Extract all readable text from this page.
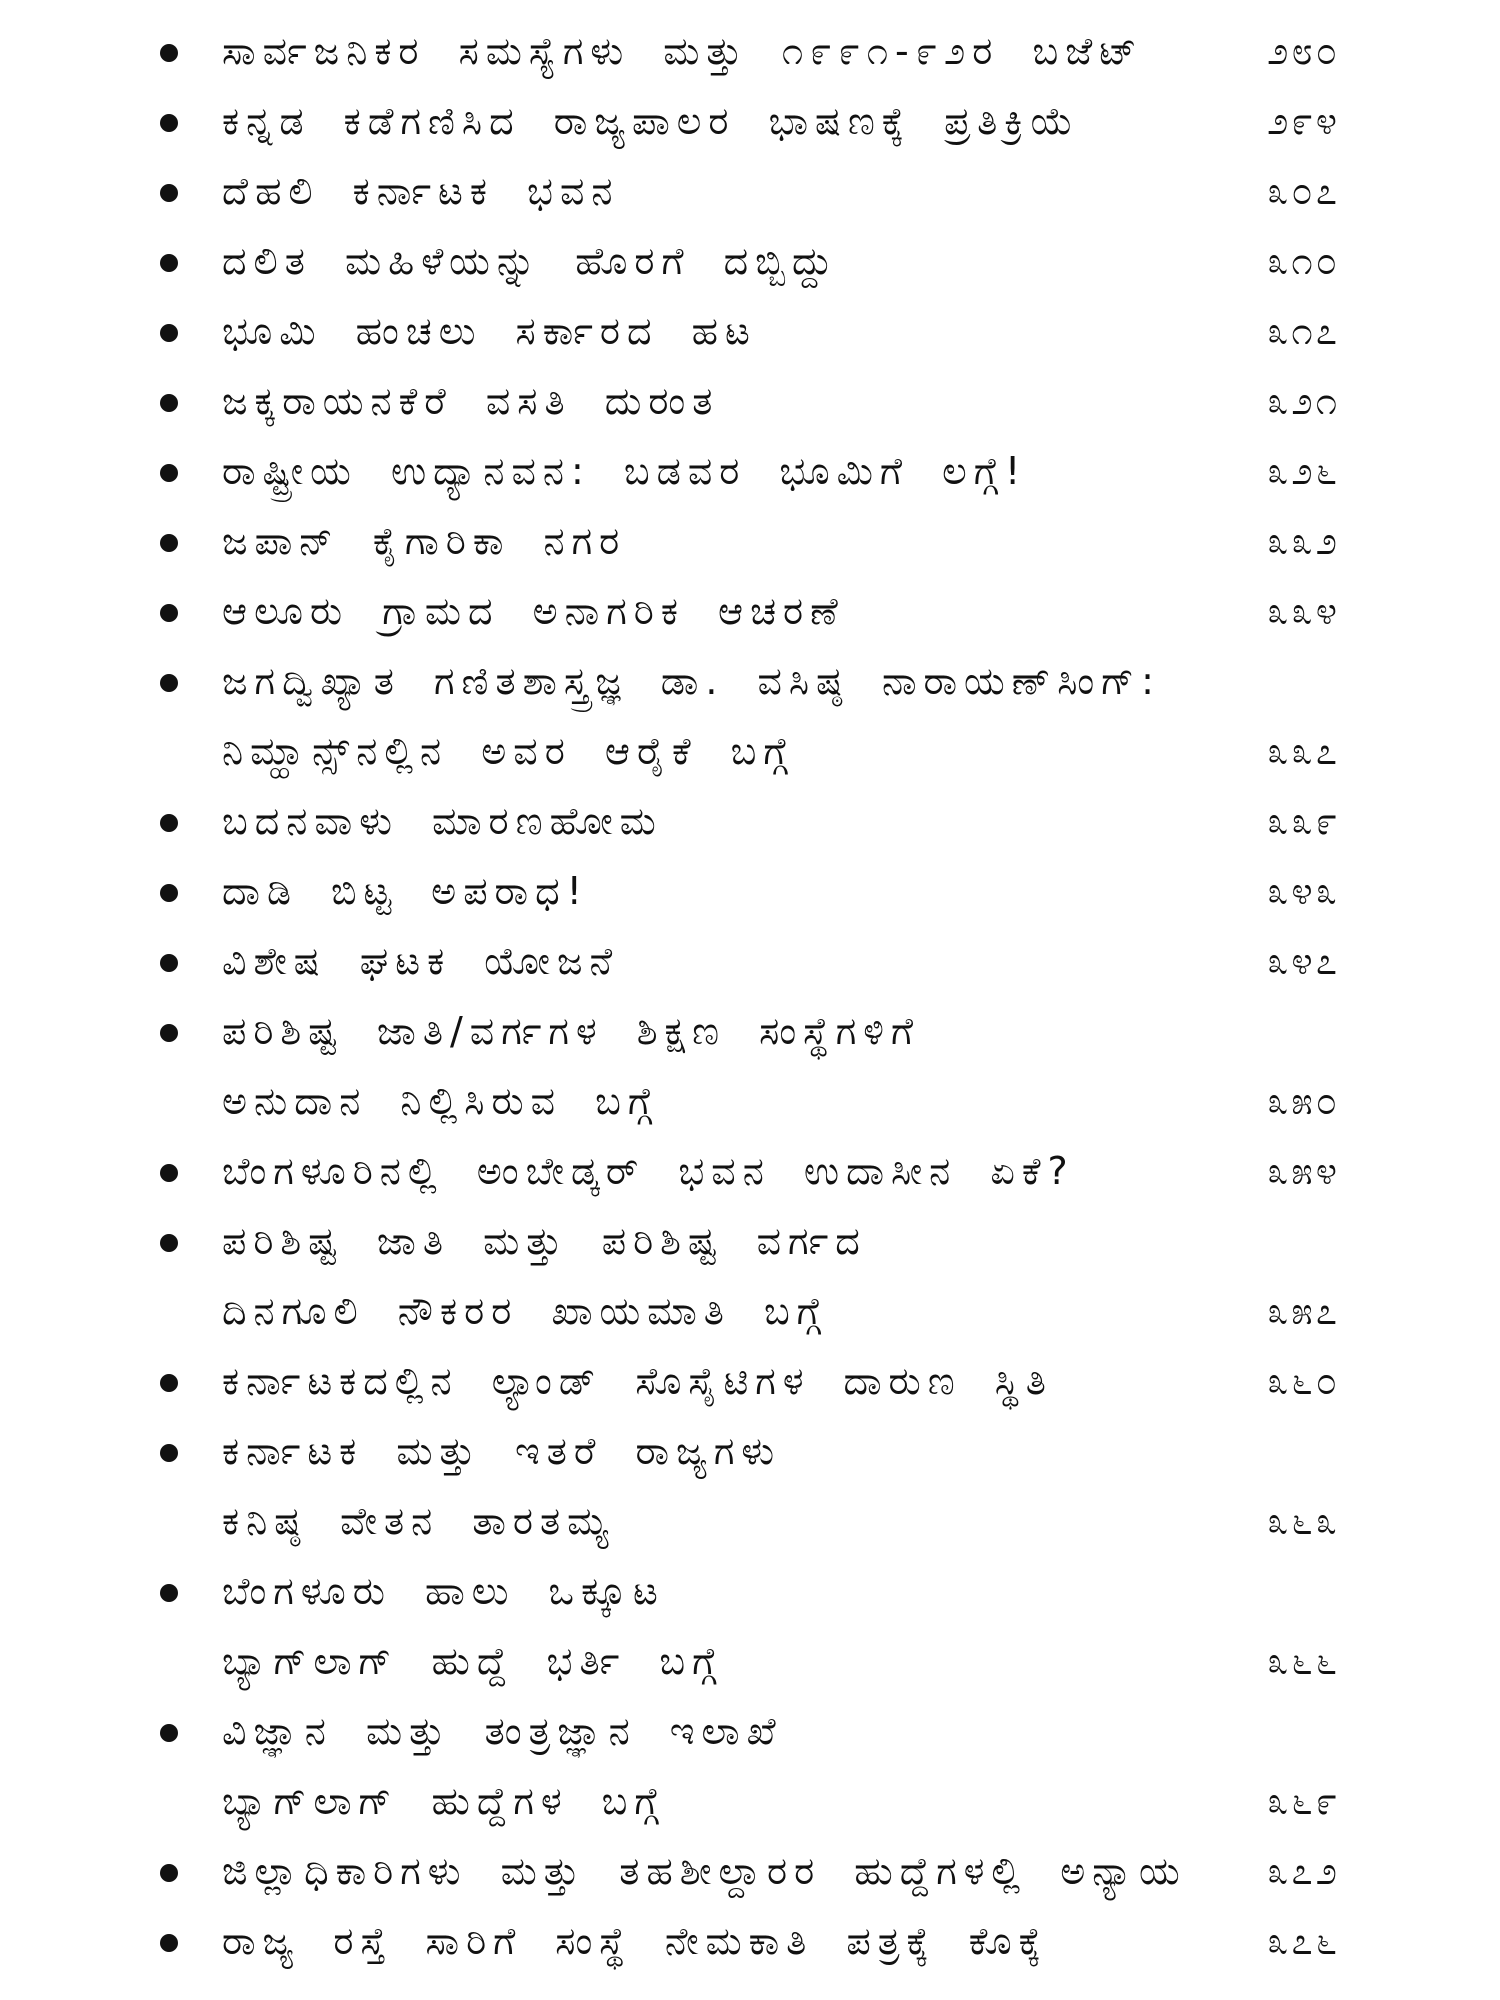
ಸಾರ್ವಜನಿಕರ ಸಮಸ್ಯೆಗಳು ಮತ್ತು ೧೯೯೧-೯೨ರ ಬಜೆಟ್	೨೮೦
ಕನ್ನಡ ಕಡೆಗಣಿಸಿದ ರಾಜ್ಯಪಾಲರ ಭಾಷಣಕ್ಕೆ ಪ್ರತಿಕ್ರಿಯೆ	೨೯೪
ದೆಹಲಿ ಕರ್ನಾಟಕ ಭವನ	೩೦೭
ದಲಿತ ಮಹಿಳೆಯನ್ನು ಹೊರಗೆ ದಬ್ಬಿದ್ದು	೩೧೦
ಭೂಮಿ ಹಂಚಲು ಸರ್ಕಾರದ ಹಟ	೩೧೭
ಜಕ್ಕರಾಯನಕೆರೆ ವಸತಿ ದುರಂತ	೩೨೧
ರಾಷ್ಟ್ರೀಯ ಉದ್ಯಾನವನ: ಬಡವರ ಭೂಮಿಗೆ ಲಗ್ಗೆ!	೩೨೬
ಜಪಾನ್ ಕೈಗಾರಿಕಾ ನಗರ	೩೩೨
ಆಲೂರು ಗ್ರಾಮದ ಅನಾಗರಿಕ ಆಚರಣೆ	೩೩೪
ಜಗದ್ವಿಖ್ಯಾತ ಗಣಿತಶಾಸ್ತ್ರಜ್ಞ ಡಾ. ವಸಿಷ್ಠ ನಾರಾಯಣ್‌ಸಿಂಗ್:
ನಿಮ್ಹಾನ್ಸ್‌ನಲ್ಲಿನ ಅವರ ಆರೈಕೆ ಬಗ್ಗೆ	೩೩೭
ಬದನವಾಳು ಮಾರಣಹೋಮ	೩೩೯
ದಾಡಿ ಬಿಟ್ಟ ಅಪರಾಧ!	೩೪೩
ವಿಶೇಷ ಘಟಕ ಯೋಜನೆ	೩೪೭
ಪರಿಶಿಷ್ಟ ಜಾತಿ/ವರ್ಗಗಳ ಶಿಕ್ಷಣ ಸಂಸ್ಥೆಗಳಿಗೆ
ಅನುದಾನ ನಿಲ್ಲಿಸಿರುವ ಬಗ್ಗೆ	೩೫೦
ಬೆಂಗಳೂರಿನಲ್ಲಿ ಅಂಬೇಡ್ಕರ್ ಭವನ ಉದಾಸೀನ ಏಕೆ?	೩೫೪
ಪರಿಶಿಷ್ಟ ಜಾತಿ ಮತ್ತು ಪರಿಶಿಷ್ಟ ವರ್ಗದ
ದಿನಗೂಲಿ ನೌಕರರ ಖಾಯಮಾತಿ ಬಗ್ಗೆ	೩೫೭
ಕರ್ನಾಟಕದಲ್ಲಿನ ಲ್ಯಾಂಡ್ ಸೊಸೈಟಿಗಳ ದಾರುಣ ಸ್ಥಿತಿ	೩೬೦
ಕರ್ನಾಟಕ ಮತ್ತು ಇತರೆ ರಾಜ್ಯಗಳು
ಕನಿಷ್ಠ ವೇತನ ತಾರತಮ್ಯ	೩೬೩
ಬೆಂಗಳೂರು ಹಾಲು ಒಕ್ಕೂಟ
ಬ್ಯಾಗ್‌ಲಾಗ್ ಹುದ್ದೆ ಭರ್ತಿ ಬಗ್ಗೆ	೩೬೬
ವಿಜ್ಞಾನ ಮತ್ತು ತಂತ್ರಜ್ಞಾನ ಇಲಾಖೆ
ಬ್ಯಾಗ್‌ಲಾಗ್ ಹುದ್ದೆಗಳ ಬಗ್ಗೆ	೩೬೯
ಜಿಲ್ಲಾಧಿಕಾರಿಗಳು ಮತ್ತು ತಹಶೀಲ್ದಾರರ ಹುದ್ದೆಗಳಲ್ಲಿ ಅನ್ಯಾಯ	೩೭೨
ರಾಜ್ಯ ರಸ್ತೆ ಸಾರಿಗೆ ಸಂಸ್ಥೆ ನೇಮಕಾತಿ ಪತ್ರಕ್ಕೆ ಕೊಕ್ಕೆ	೩೭೬
